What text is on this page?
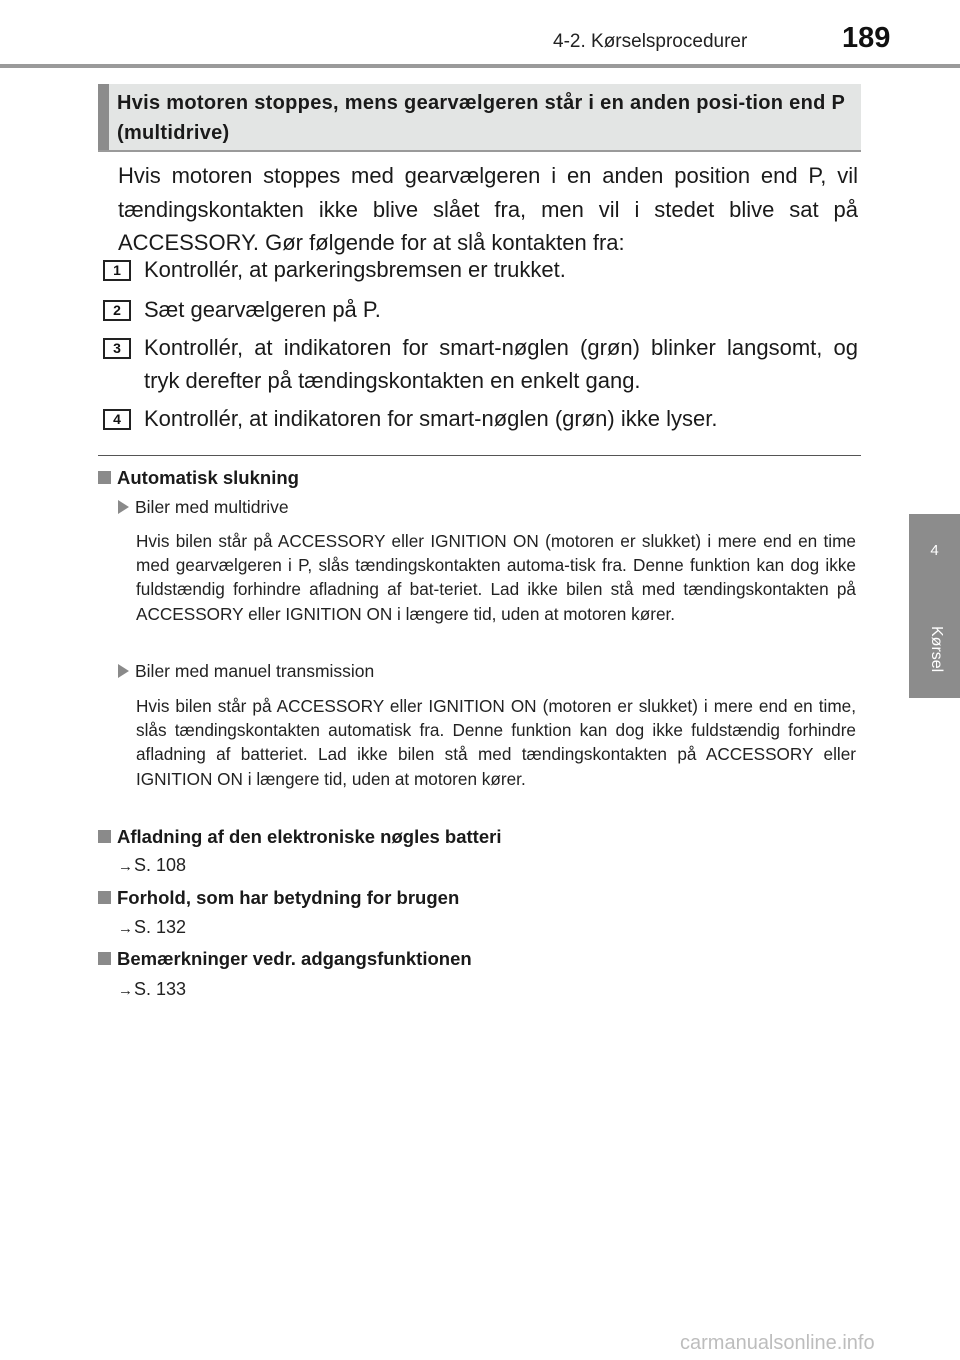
4-2. Kørselsprocedurer	189
4
Kørsel
Hvis motoren stoppes, mens gearvælgeren står i en anden posi-tion end P (multidrive)
Hvis motoren stoppes med gearvælgeren i en anden position end P, vil tændingskontakten ikke blive slået fra, men vil i stedet blive sat på ACCESSORY. Gør følgende for at slå kontakten fra:
1	Kontrollér, at parkeringsbremsen er trukket.
2	Sæt gearvælgeren på P.
3	Kontrollér, at indikatoren for smart-nøglen (grøn) blinker langsomt, og tryk derefter på tændingskontakten en enkelt gang.
4	Kontrollér, at indikatoren for smart-nøglen (grøn) ikke lyser.
Automatisk slukning
Biler med multidrive
Hvis bilen står på ACCESSORY eller IGNITION ON (motoren er slukket) i mere end en time med gearvælgeren i P, slås tændingskontakten automa-tisk fra. Denne funktion kan dog ikke fuldstændig forhindre afladning af bat-teriet. Lad ikke bilen stå med tændingskontakten på ACCESSORY eller IGNITION ON i længere tid, uden at motoren kører.
Biler med manuel transmission
Hvis bilen står på ACCESSORY eller IGNITION ON (motoren er slukket) i mere end en time, slås tændingskontakten automatisk fra. Denne funktion kan dog ikke fuldstændig forhindre afladning af batteriet. Lad ikke bilen stå med tændingskontakten på ACCESSORY eller IGNITION ON i længere tid, uden at motoren kører.
Afladning af den elektroniske nøgles batteri
→S. 108
Forhold, som har betydning for brugen
→S. 132
Bemærkninger vedr. adgangsfunktionen
→S. 133
carmanualsonline.info
